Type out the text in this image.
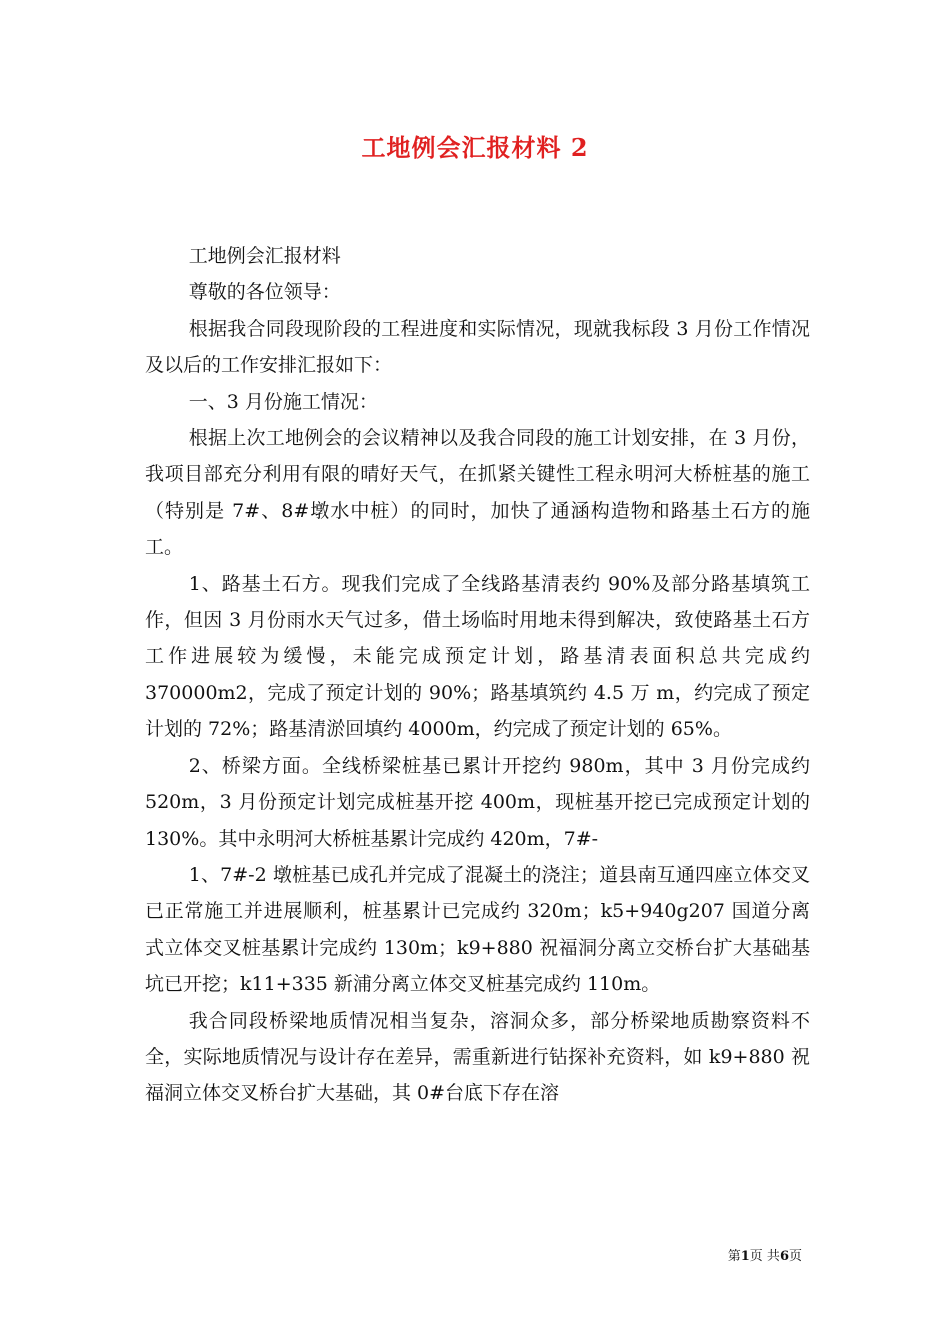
工地例会汇报材料 2

工地例会汇报材料

尊敬的各位领导：

根据我合同段现阶段的工程进度和实际情况，现就我标段 3 月份工作情况及以后的工作安排汇报如下：

一、3 月份施工情况：

根据上次工地例会的会议精神以及我合同段的施工计划安排，在 3 月份，我项目部充分利用有限的晴好天气，在抓紧关键性工程永明河大桥桩基的施工（特别是 7#、8#墩水中桩）的同时，加快了通涵构造物和路基土石方的施工。

1、路基土石方。现我们完成了全线路基清表约 90%及部分路基填筑工作，但因 3 月份雨水天气过多，借土场临时用地未得到解决，致使路基土石方工作进展较为缓慢，未能完成预定计划，路基清表面积总共完成约 370000m2，完成了预定计划的 90%；路基填筑约 4.5 万 m，约完成了预定计划的 72%；路基清淤回填约 4000m，约完成了预定计划的 65%。

2、桥梁方面。全线桥梁桩基已累计开挖约 980m，其中 3 月份完成约 520m，3 月份预定计划完成桩基开挖 400m，现桩基开挖已完成预定计划的 130%。其中永明河大桥桩基累计完成约 420m，7#-

1、7#-2 墩桩基已成孔并完成了混凝土的浇注；道县南互通四座立体交叉已正常施工并进展顺利，桩基累计已完成约 320m；k5+940g207 国道分离式立体交叉桩基累计完成约 130m；k9+880 祝福洞分离立交桥台扩大基础基坑已开挖；k11+335 新浦分离立体交叉桩基完成约 110m。

我合同段桥梁地质情况相当复杂，溶洞众多，部分桥梁地质勘察资料不全，实际地质情况与设计存在差异，需重新进行钻探补充资料，如 k9+880 祝福洞立体交叉桥台扩大基础，其 0#台底下存在溶

第1页 共6页
